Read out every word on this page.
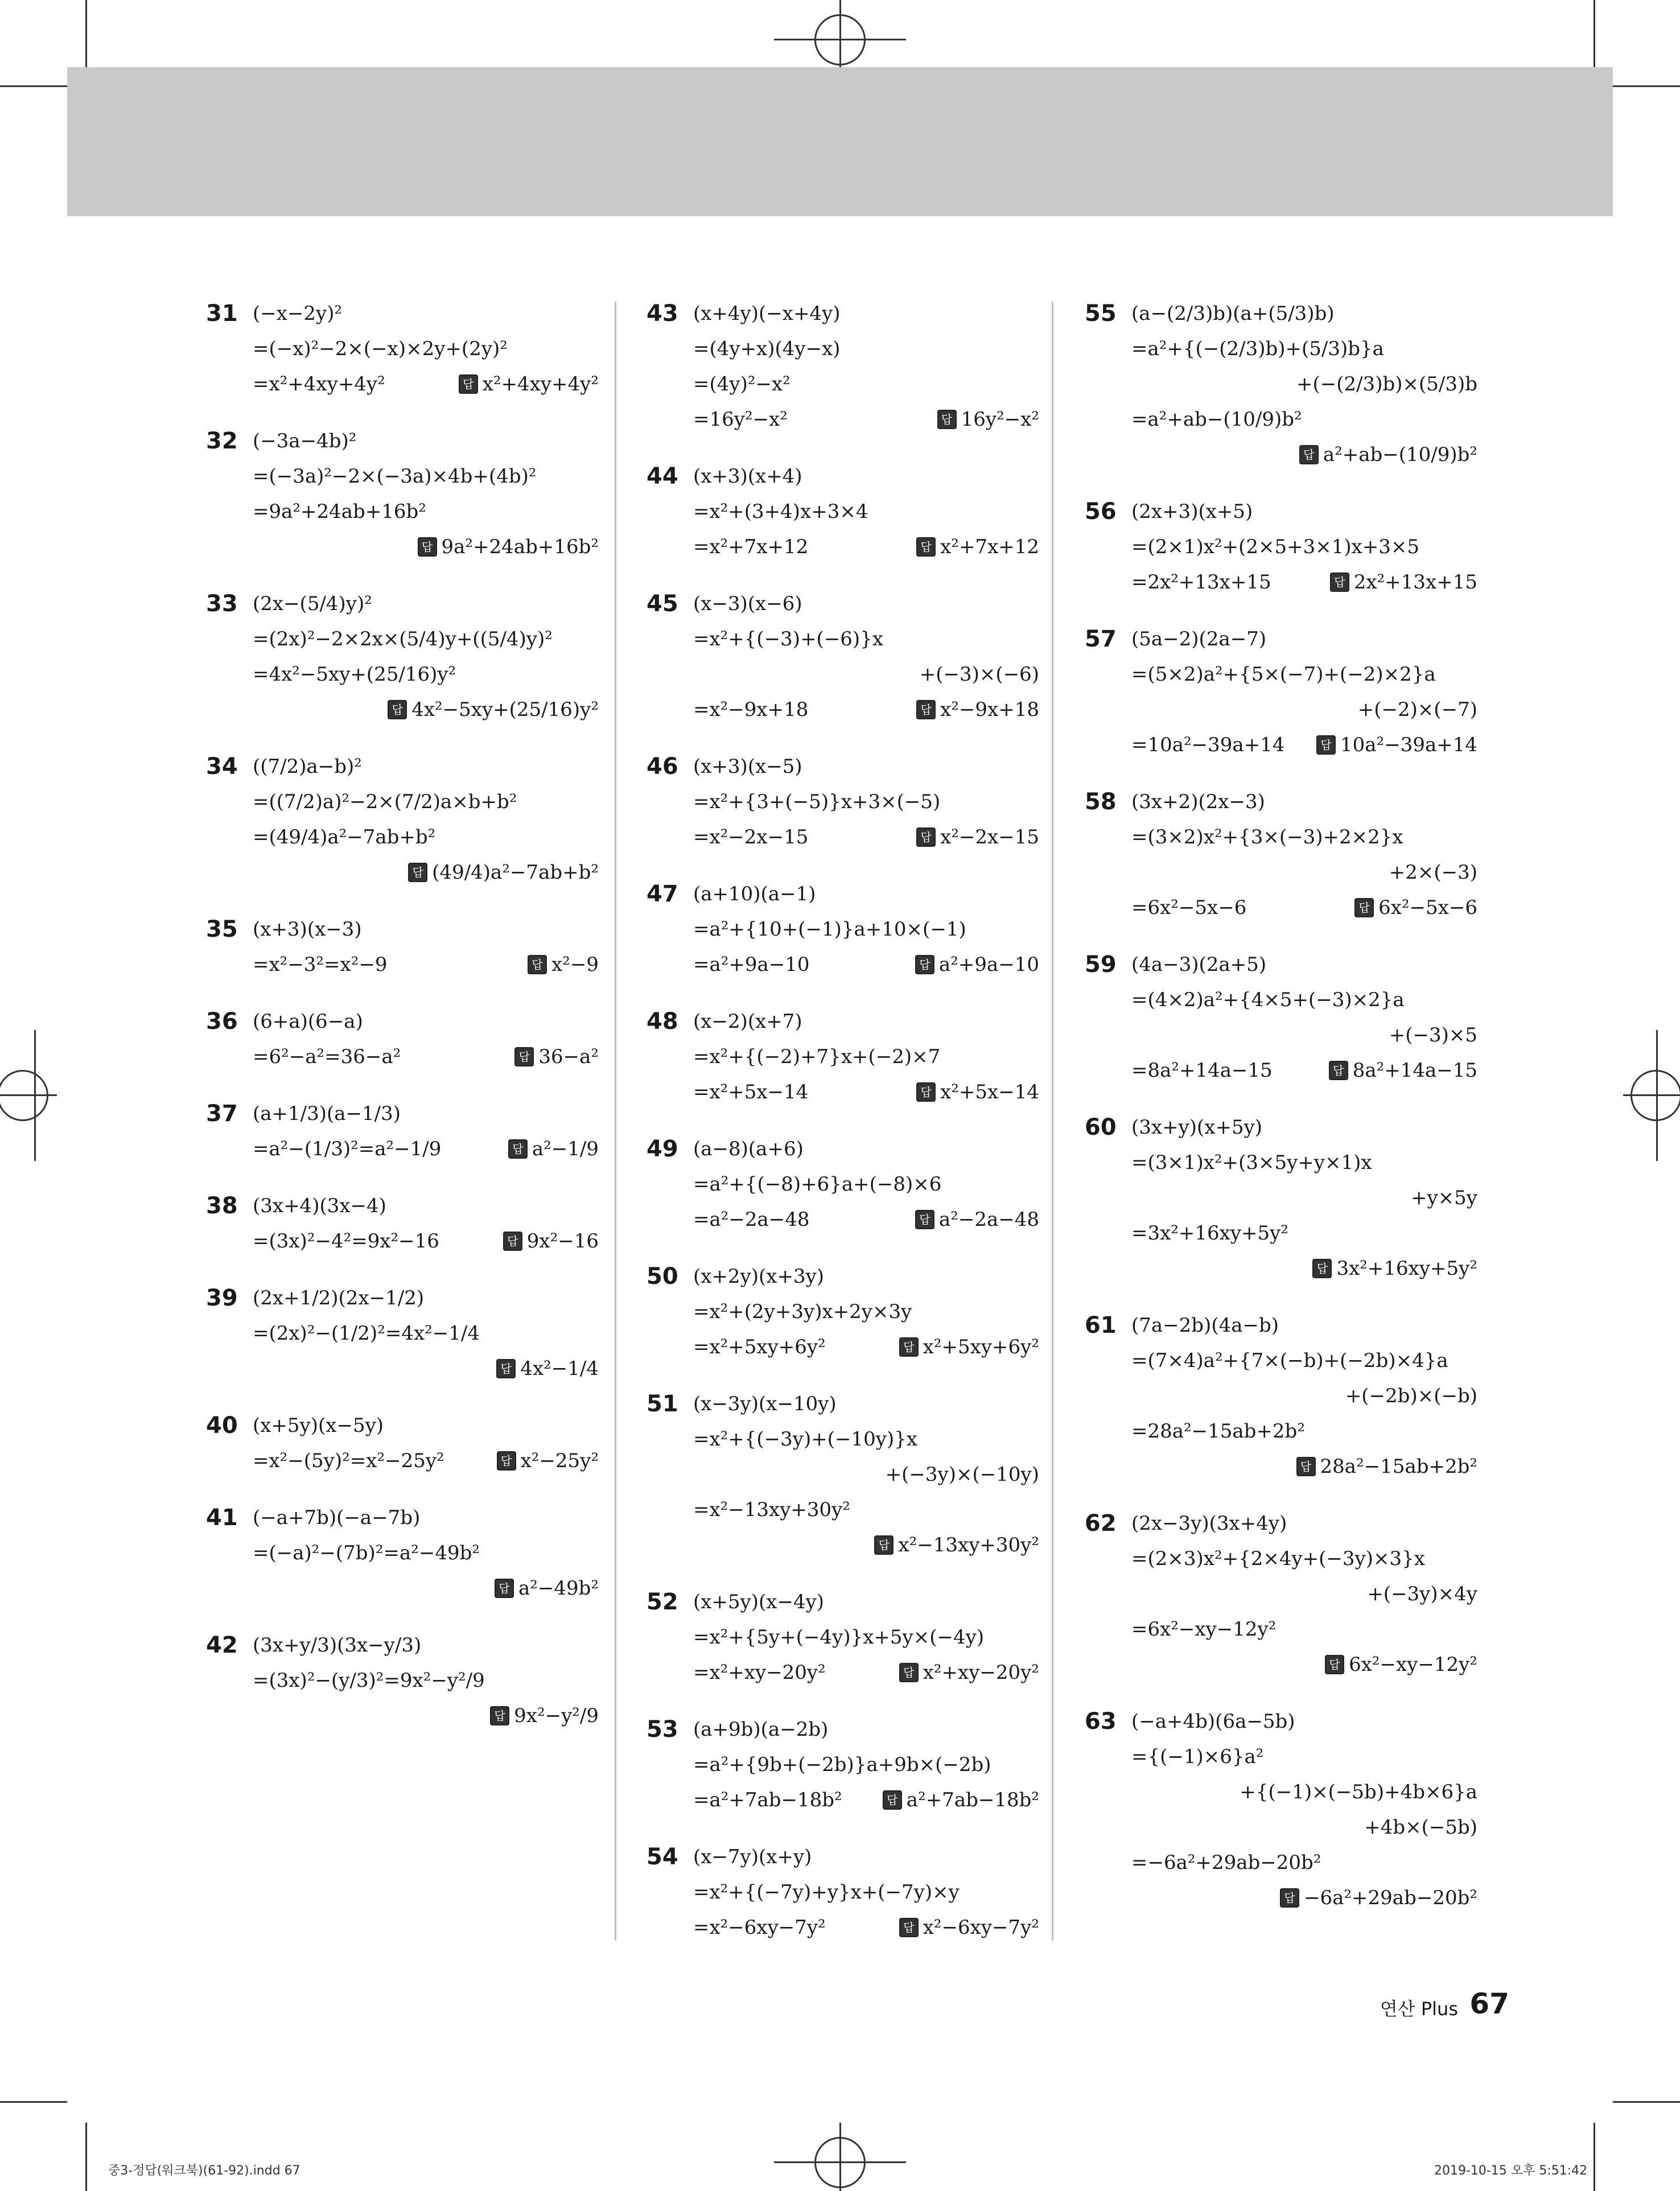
31 (−x−2y)²
=(−x)²−2×(−x)×2y+(2y)²
=x²+4xy+4y²	답 x²+4xy+4y²
32 (−3a−4b)²
=(−3a)²−2×(−3a)×4b+(4b)²
=9a²+24ab+16b²
답 9a²+24ab+16b²
33 (2x−(5/4)y)²
=(2x)²−2×2x×(5/4)y+((5/4)y)²
=4x²−5xy+(25/16)y²
답 4x²−5xy+(25/16)y²
34 ((7/2)a−b)²
=((7/2)a)²−2×(7/2)a×b+b²
=(49/4)a²−7ab+b²
답 (49/4)a²−7ab+b²
35 (x+3)(x−3)
=x²−3²=x²−9	답 x²−9
36 (6+a)(6−a)
=6²−a²=36−a²	답 36−a²
37 (a+1/3)(a−1/3)
=a²−(1/3)²=a²−1/9	답 a²−1/9
38 (3x+4)(3x−4)
=(3x)²−4²=9x²−16	답 9x²−16
39 (2x+1/2)(2x−1/2)
=(2x)²−(1/2)²=4x²−1/4
답 4x²−1/4
40 (x+5y)(x−5y)
=x²−(5y)²=x²−25y²	답 x²−25y²
41 (−a+7b)(−a−7b)
=(−a)²−(7b)²=a²−49b²
답 a²−49b²
42 (3x+y/3)(3x−y/3)
=(3x)²−(y/3)²=9x²−y²/9
답 9x²−y²/9
43 (x+4y)(−x+4y)
=(4y+x)(4y−x)
=(4y)²−x²
=16y²−x²	답 16y²−x²
44 (x+3)(x+4)
=x²+(3+4)x+3×4
=x²+7x+12	답 x²+7x+12
45 (x−3)(x−6)
=x²+{(−3)+(−6)}x
+(−3)×(−6)
=x²−9x+18	답 x²−9x+18
46 (x+3)(x−5)
=x²+{3+(−5)}x+3×(−5)
=x²−2x−15	답 x²−2x−15
47 (a+10)(a−1)
=a²+{10+(−1)}a+10×(−1)
=a²+9a−10	답 a²+9a−10
48 (x−2)(x+7)
=x²+{(−2)+7}x+(−2)×7
=x²+5x−14	답 x²+5x−14
49 (a−8)(a+6)
=a²+{(−8)+6}a+(−8)×6
=a²−2a−48	답 a²−2a−48
50 (x+2y)(x+3y)
=x²+(2y+3y)x+2y×3y
=x²+5xy+6y²	답 x²+5xy+6y²
51 (x−3y)(x−10y)
=x²+{(−3y)+(−10y)}x
+(−3y)×(−10y)
=x²−13xy+30y²
답 x²−13xy+30y²
52 (x+5y)(x−4y)
=x²+{5y+(−4y)}x+5y×(−4y)
=x²+xy−20y²	답 x²+xy−20y²
53 (a+9b)(a−2b)
=a²+{9b+(−2b)}a+9b×(−2b)
=a²+7ab−18b²	답 a²+7ab−18b²
54 (x−7y)(x+y)
=x²+{(−7y)+y}x+(−7y)×y
=x²−6xy−7y²	답 x²−6xy−7y²
55 (a−(2/3)b)(a+(5/3)b)
=a²+{(−(2/3)b)+(5/3)b}a
+(−(2/3)b)×(5/3)b
=a²+ab−(10/9)b²
답 a²+ab−(10/9)b²
56 (2x+3)(x+5)
=(2×1)x²+(2×5+3×1)x+3×5
=2x²+13x+15	답 2x²+13x+15
57 (5a−2)(2a−7)
=(5×2)a²+{5×(−7)+(−2)×2}a
+(−2)×(−7)
=10a²−39a+14	답 10a²−39a+14
58 (3x+2)(2x−3)
=(3×2)x²+{3×(−3)+2×2}x
+2×(−3)
=6x²−5x−6	답 6x²−5x−6
59 (4a−3)(2a+5)
=(4×2)a²+{4×5+(−3)×2}a
+(−3)×5
=8a²+14a−15	답 8a²+14a−15
60 (3x+y)(x+5y)
=(3×1)x²+(3×5y+y×1)x
+y×5y
=3x²+16xy+5y²
답 3x²+16xy+5y²
61 (7a−2b)(4a−b)
=(7×4)a²+{7×(−b)+(−2b)×4}a
+(−2b)×(−b)
=28a²−15ab+2b²
답 28a²−15ab+2b²
62 (2x−3y)(3x+4y)
=(2×3)x²+{2×4y+(−3y)×3}x
+(−3y)×4y
=6x²−xy−12y²
답 6x²−xy−12y²
63 (−a+4b)(6a−5b)
={(−1)×6}a²
+{(−1)×(−5b)+4b×6}a
+4b×(−5b)
=−6a²+29ab−20b²
답 −6a²+29ab−20b²
연산 Plus 67
중3-정답(워크북)(61-92).indd 67	2019-10-15 오후 5:51:42
